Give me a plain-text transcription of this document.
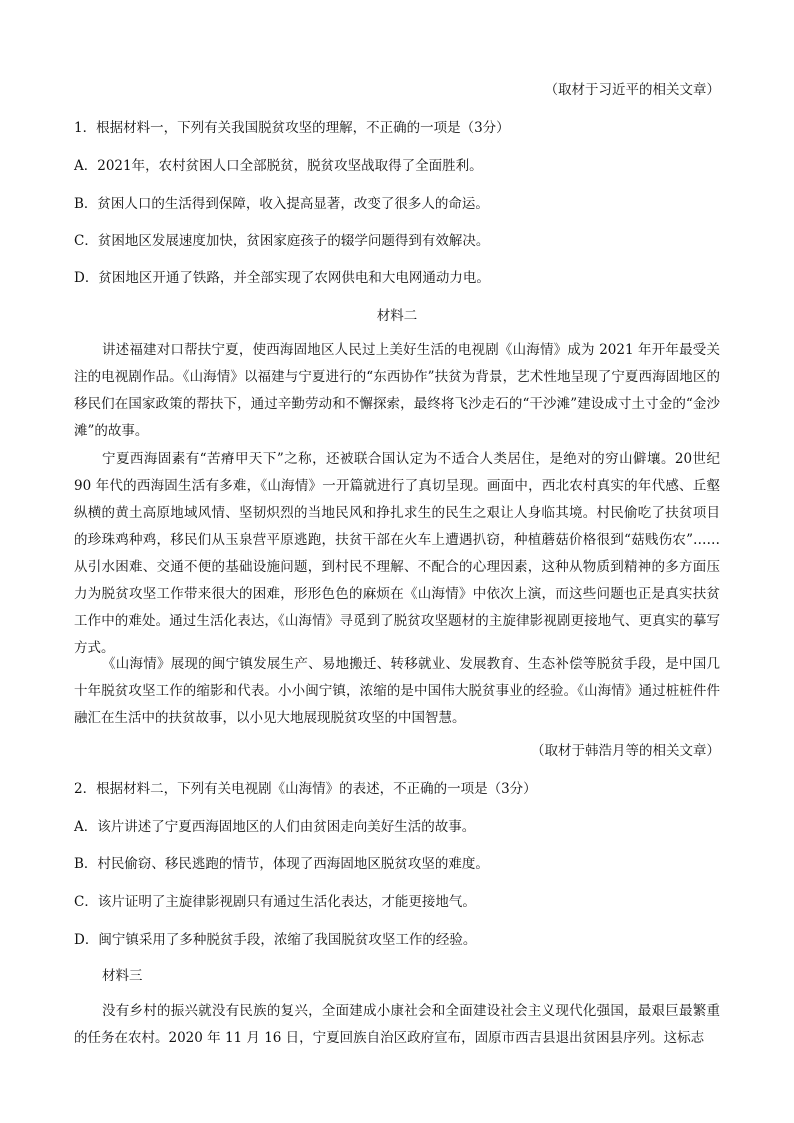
（取材于习近平的相关文章）
1．根据材料一，下列有关我国脱贫攻坚的理解，不正确的一项是（3分）
A．2021年，农村贫困人口全部脱贫，脱贫攻坚战取得了全面胜利。
B．贫困人口的生活得到保障，收入提高显著，改变了很多人的命运。
C．贫困地区发展速度加快，贫困家庭孩子的辍学问题得到有效解决。
D．贫困地区开通了铁路，并全部实现了农网供电和大电网通动力电。
材料二

讲述福建对口帮扶宁夏，使西海固地区人民过上美好生活的电视剧《山海情》成为 2021 年开年最受关注的电视剧作品。《山海情》以福建与宁夏进行的“东西协作”扶贫为背景，艺术性地呈现了宁夏西海固地区的移民们在国家政策的帮扶下，通过辛勤劳动和不懈探索，最终将飞沙走石的“干沙滩”建设成寸土寸金的“金沙滩”的故事。

宁夏西海固素有“苦瘠甲天下”之称，还被联合国认定为不适合人类居住，是绝对的穷山僻壤。20世纪 90 年代的西海固生活有多难，《山海情》一开篇就进行了真切呈现。画面中，西北农村真实的年代感、丘壑纵横的黄土高原地域风情、坚韧炽烈的当地民风和挣扎求生的民生之艰让人身临其境。村民偷吃了扶贫项目的珍珠鸡种鸡，移民们从玉泉营平原逃跑，扶贫干部在火车上遭遇扒窃，种植蘑菇价格很到“菇贱伤农”……从引水困难、交通不便的基础设施问题，到村民不理解、不配合的心理因素，这种从物质到精神的多方面压力为脱贫攻坚工作带来很大的困难，形形色色的麻烦在《山海情》中依次上演，而这些问题也正是真实扶贫工作中的难处。通过生活化表达，《山海情》寻觅到了脱贫攻坚题材的主旋律影视剧更接地气、更真实的摹写方式。

《山海情》展现的闽宁镇发展生产、易地搬迁、转移就业、发展教育、生态补偿等脱贫手段，是中国几十年脱贫攻坚工作的缩影和代表。小小闽宁镇，浓缩的是中国伟大脱贫事业的经验。《山海情》通过桩桩件件融汇在生活中的扶贫故事，以小见大地展现脱贫攻坚的中国智慧。

（取材于韩浩月等的相关文章）
2．根据材料二，下列有关电视剧《山海情》的表述，不正确的一项是（3分）
A．该片讲述了宁夏西海固地区的人们由贫困走向美好生活的故事。
B．村民偷窃、移民逃跑的情节，体现了西海固地区脱贫攻坚的难度。
C．该片证明了主旋律影视剧只有通过生活化表达，才能更接地气。
D．闽宁镇采用了多种脱贫手段，浓缩了我国脱贫攻坚工作的经验。
材料三

没有乡村的振兴就没有民族的复兴，全面建成小康社会和全面建设社会主义现代化强国，最艰巨最繁重的任务在农村。2020 年 11 月 16 日，宁夏回族自治区政府宣布，固原市西吉县退出贫困县序列。这标志
